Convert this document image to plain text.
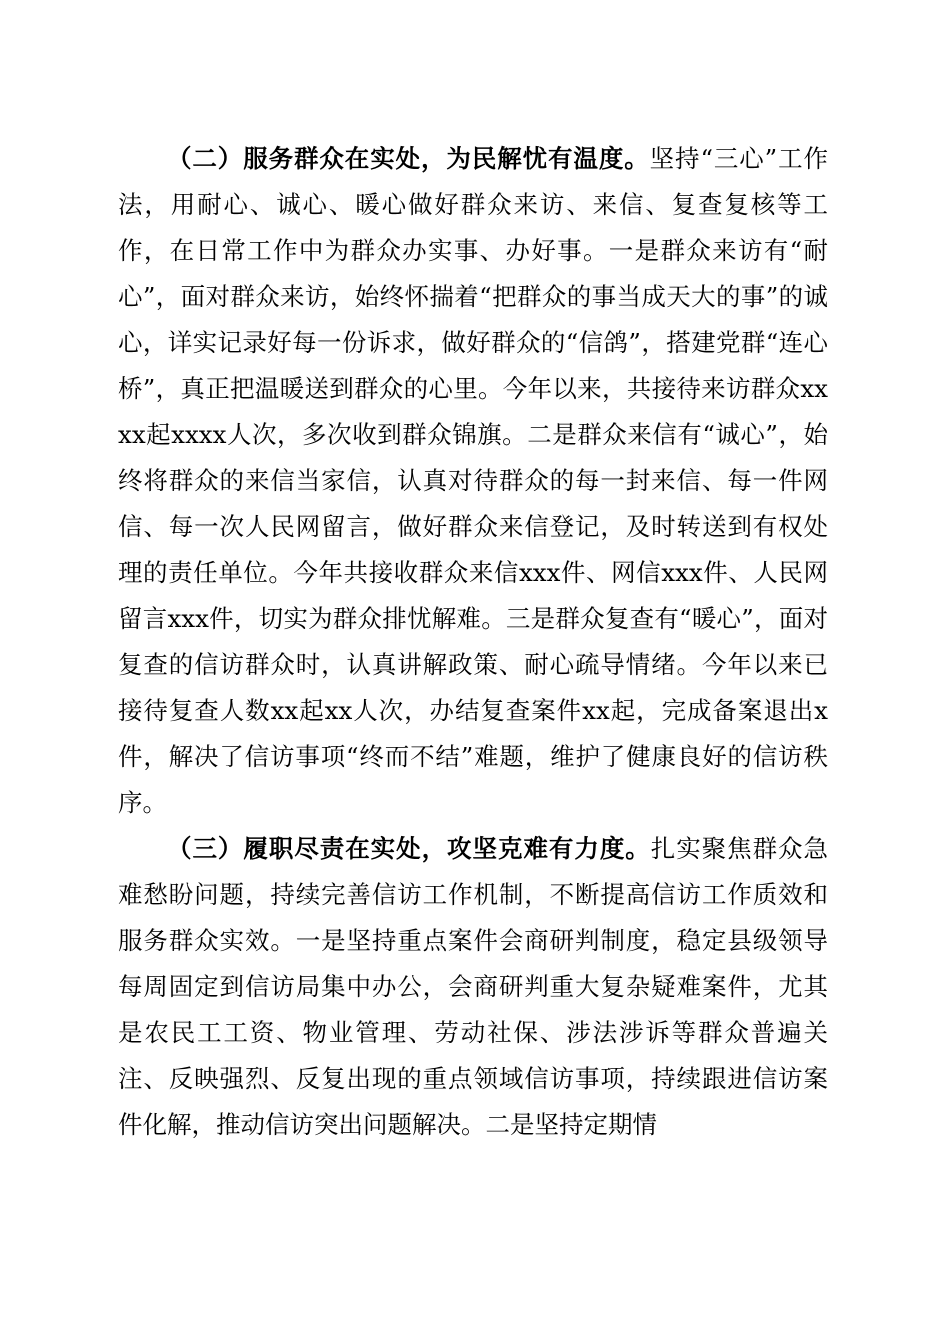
（二）服务群众在实处，为民解忧有温度。坚持“三心”工作法，用耐心、诚心、暖心做好群众来访、来信、复查复核等工作，在日常工作中为群众办实事、办好事。一是群众来访有“耐心”，面对群众来访，始终怀揣着“把群众的事当成天大的事”的诚心，详实记录好每一份诉求，做好群众的“信鸽”，搭建党群“连心桥”，真正把温暖送到群众的心里。今年以来，共接待来访群众xxxx起xxxx人次，多次收到群众锦旗。二是群众来信有“诚心”，始终将群众的来信当家信，认真对待群众的每一封来信、每一件网信、每一次人民网留言，做好群众来信登记，及时转送到有权处理的责任单位。今年共接收群众来信xxx件、网信xxx件、人民网留言xxx件，切实为群众排忧解难。三是群众复查有“暖心”，面对复查的信访群众时，认真讲解政策、耐心疏导情绪。今年以来已接待复查人数xx起xx人次，办结复查案件xx起，完成备案退出x件，解决了信访事项“终而不结”难题，维护了健康良好的信访秩序。

（三）履职尽责在实处，攻坚克难有力度。扎实聚焦群众急难愁盼问题，持续完善信访工作机制，不断提高信访工作质效和服务群众实效。一是坚持重点案件会商研判制度，稳定县级领导每周固定到信访局集中办公，会商研判重大复杂疑难案件，尤其是农民工工资、物业管理、劳动社保、涉法涉诉等群众普遍关注、反映强烈、反复出现的重点领域信访事项，持续跟进信访案件化解，推动信访突出问题解决。二是坚持定期情
